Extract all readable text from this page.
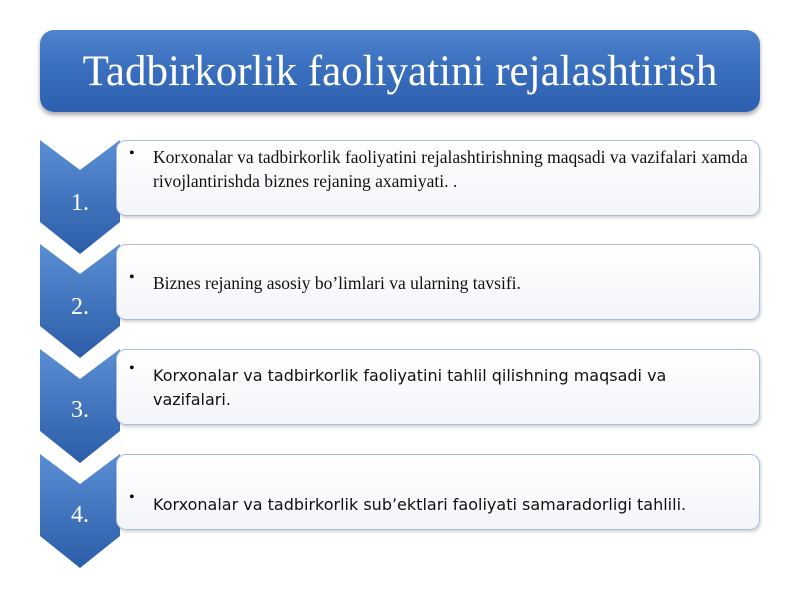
Tadbirkorlik faoliyatini rejalashtirish
1.
• Korxonalar va tadbirkorlik faoliyatini rejalashtirishning maqsadi va vazifalari xamda rivojlantirishda biznes rejaning axamiyati. .
2.
• Biznes rejaning asosiy bo’limlari va ularning tavsifi.
3.
• Korxonalar va tadbirkorlik faoliyatini tahlil qilishning maqsadi va vazifalari.
4.
• Korxonalar va tadbirkorlik sub’ektlari faoliyati samaradorligi tahlili.
